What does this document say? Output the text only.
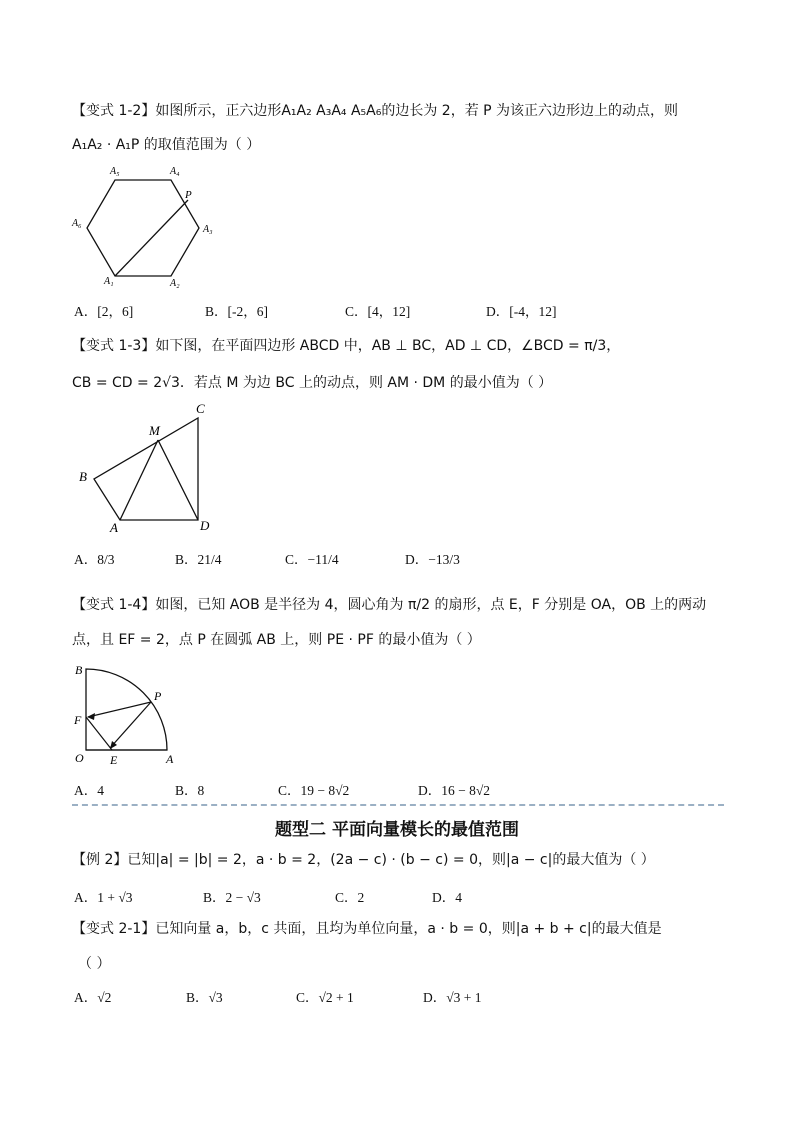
【变式 1-2】如图所示，正六边形A₁A₂ A₃A₄ A₅A₆的边长为 2，若 P 为该正六边形边上的动点，则
A₁A₂ · A₁P 的取值范围为（ ）
A₅	A₄
P
A₆
A₃
A₁	A₂
A．[2，6]	B．[-2，6]	C．[4，12]	D．[-4，12]
【变式 1-3】如下图，在平面四边形 ABCD 中，AB ⊥ BC，AD ⊥ CD，∠BCD = π/3，
CB = CD = 2√3．若点 M 为边 BC 上的动点，则 AM · DM 的最小值为（ ）
C
M
B
A	D
A．8/3	B．21/4	C．−11/4	D．−13/3
【变式 1-4】如图，已知 AOB 是半径为 4，圆心角为 π/2 的扇形，点 E，F 分别是 OA，OB 上的两动
点，且 EF = 2，点 P 在圆弧 AB 上，则 PE · PF 的最小值为（ ）
B
P
F
O E	A
A．4	B．8	C．19 − 8√2	D．16 − 8√2
题型二 平面向量模长的最值范围
【例 2】已知|a| = |b| = 2，a · b = 2，(2a − c) · (b − c) = 0，则|a − c|的最大值为（ ）
A．1 + √3	B．2 − √3	C．2	D．4
【变式 2-1】已知向量 a，b，c 共面，且均为单位向量，a · b = 0，则|a + b + c|的最大值是
（ ）
A．√2	B．√3	C．√2 + 1	D．√3 + 1
